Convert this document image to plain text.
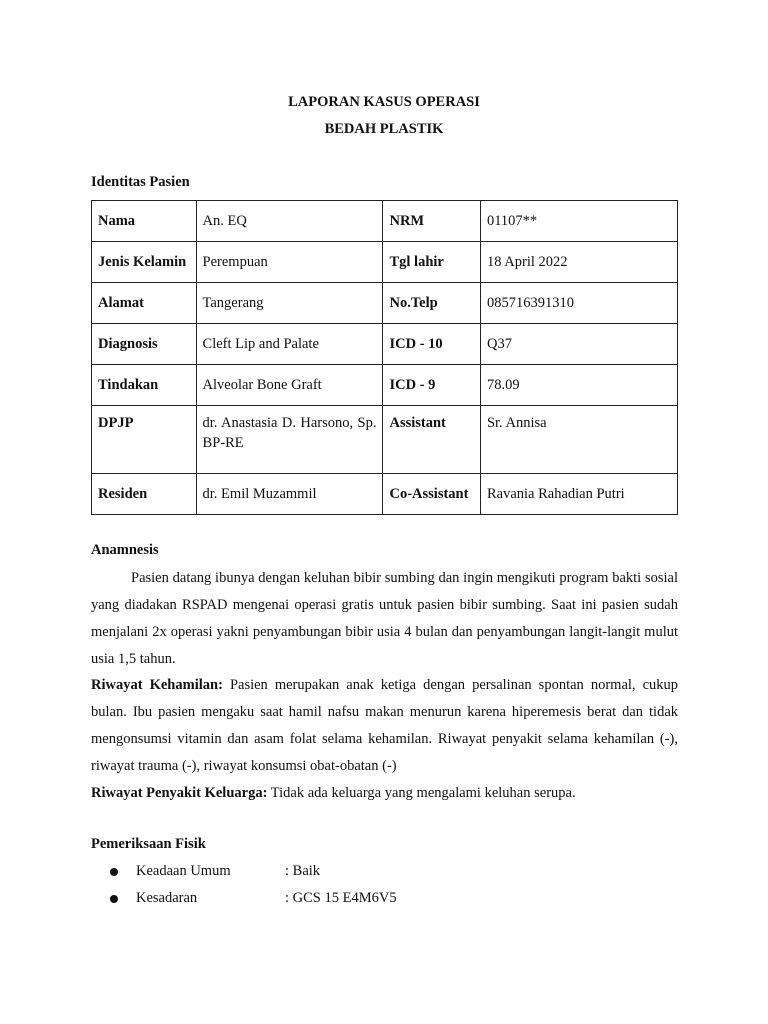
LAPORAN KASUS OPERASI
BEDAH PLASTIK
Identitas Pasien
Nama	An. EQ	NRM	01107**
Jenis Kelamin	Perempuan	Tgl lahir	18 April 2022
Alamat	Tangerang	No.Telp	085716391310
Diagnosis	Cleft Lip and Palate	ICD - 10	Q37
Tindakan	Alveolar Bone Graft	ICD - 9	78.09
DPJP	dr. Anastasia D. Harsono, Sp. BP-RE	Assistant	Sr. Annisa
Residen	dr. Emil Muzammil	Co-Assistant	Ravania Rahadian Putri
Anamnesis
Pasien datang ibunya dengan keluhan bibir sumbing dan ingin mengikuti program bakti sosial yang diadakan RSPAD mengenai operasi gratis untuk pasien bibir sumbing. Saat ini pasien sudah menjalani 2x operasi yakni penyambungan bibir usia 4 bulan dan penyambungan langit-langit mulut usia 1,5 tahun.
Riwayat Kehamilan: Pasien merupakan anak ketiga dengan persalinan spontan normal, cukup bulan. Ibu pasien mengaku saat hamil nafsu makan menurun karena hiperemesis berat dan tidak mengonsumsi vitamin dan asam folat selama kehamilan. Riwayat penyakit selama kehamilan (-), riwayat trauma (-), riwayat konsumsi obat-obatan (-)
Riwayat Penyakit Keluarga: Tidak ada keluarga yang mengalami keluhan serupa.
Pemeriksaan Fisik
Keadaan Umum	: Baik
Kesadaran	: GCS 15 E4M6V5
